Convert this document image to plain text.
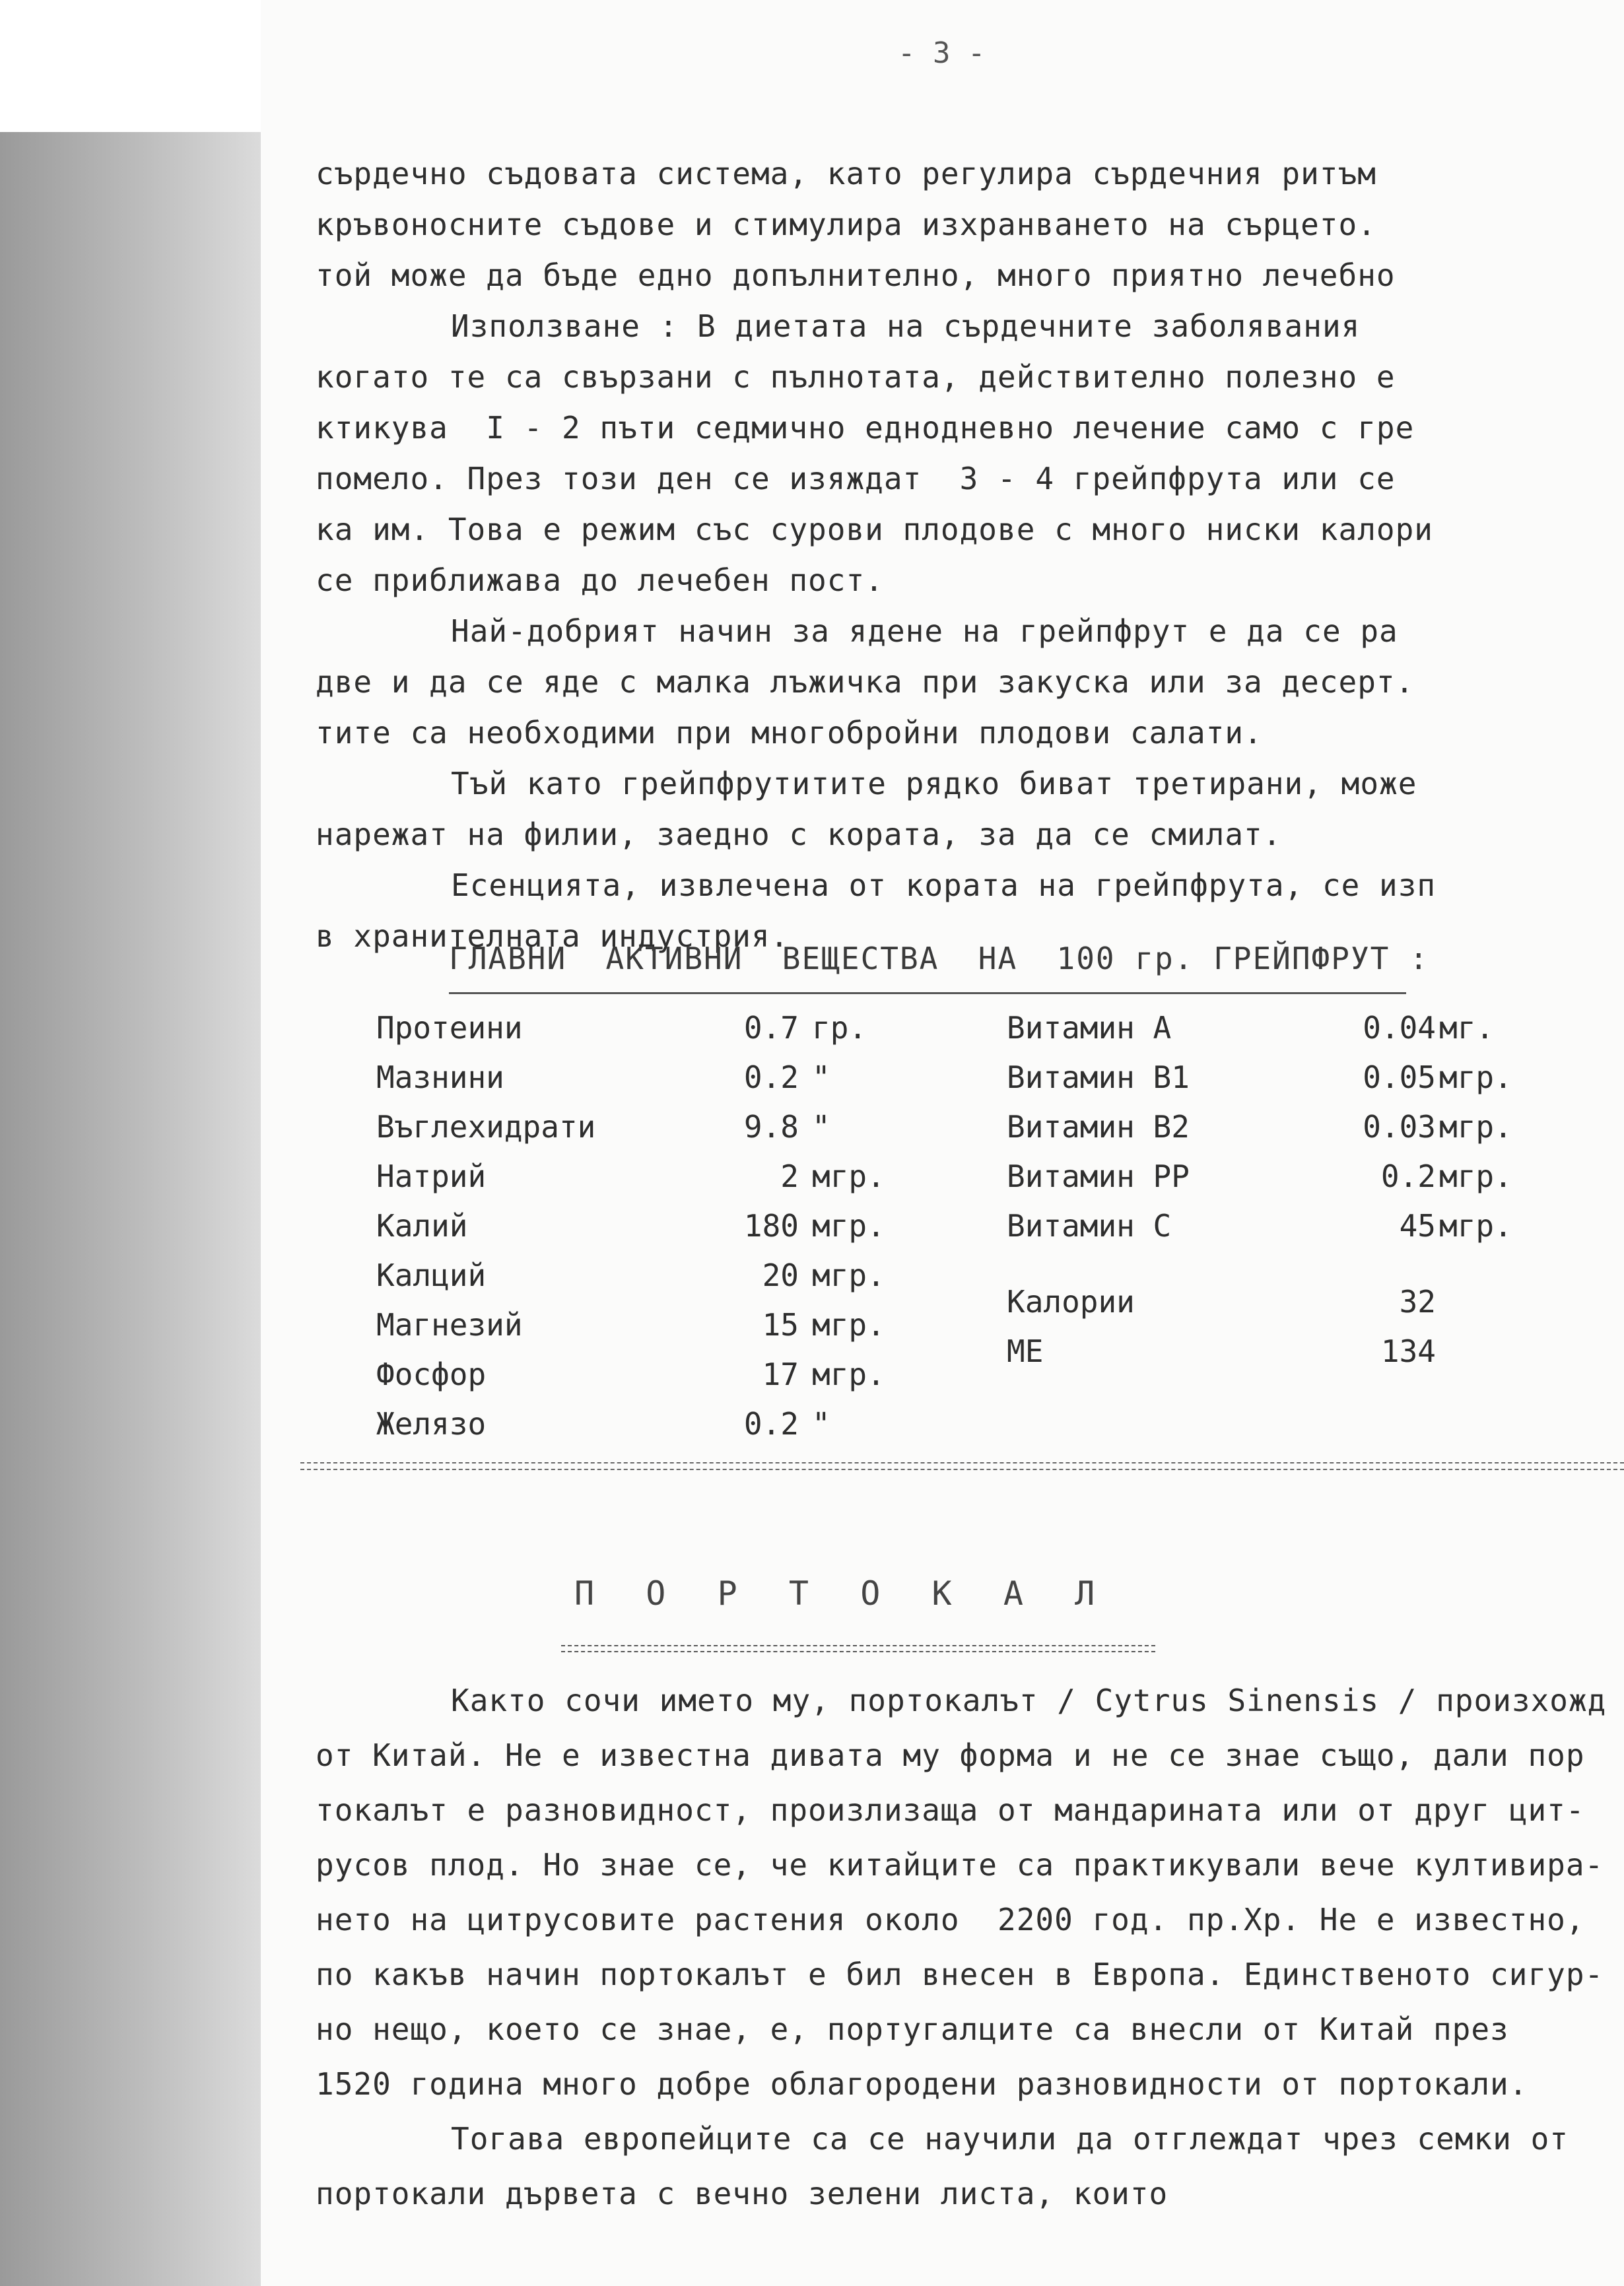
- 3 -
сърдечно съдовата система, като регулира сърдечния ритъм
кръвоносните съдове и стимулира изхранването на сърцето.
той може да бъде едно допълнително, много приятно лечебно
Използване : В диетата на сърдечните заболявания
когато те са свързани с пълнотата, действително полезно е
ктикува  I - 2 пъти седмично еднодневно лечение само с гре
помело. През този ден се изяждат  3 - 4 грейпфрута или се
ка им. Това е режим със сурови плодове с много ниски калори
се приближава до лечебен пост.
Най-добрият начин за ядене на грейпфрут е да се ра
две и да се яде с малка лъжичка при закуска или за десерт.
тите са необходими при многобройни плодови салати.
Тъй като грейпфрутитите рядко биват третирани, може
нарежат на филии, заедно с кората, за да се смилат.
Есенцията, извлечена от кората на грейпфрута, се изп
в хранителната индустрия.
ГЛАВНИ  АКТИВНИ  ВЕЩЕСТВА  НА  100 гр. ГРЕЙПФРУТ :
Протеини	0.7 гр.
Мазнини	0.2 "
Въглехидрати	9.8 "
Натрий	2 мгр.
Калий	180 мгр.
Калций	20 мгр.
Магнезий	15 мгр.
Фосфор	17 мгр.
Желязо	0.2 "
Витамин A	0.04 мг.
Витамин B1	0.05 мгр.
Витамин B2	0.03 мгр.
Витамин PP	0.2 мгр.
Витамин C	45 мгр.
Калории	32
МЕ	134
П  О  Р  Т  О  К  А  Л
Както сочи името му, портокалът / Cytrus Sinensis / произхожд
от Китай. Не е известна дивата му форма и не се знае също, дали пор
токалът е разновидност, произлизаща от мандарината или от друг цит-
русов плод. Но знае се, че китайците са практикували вече култивира-
нето на цитрусовите растения около  2200 год. пр.Хр. Не е известно,
по какъв начин портокалът е бил внесен в Европа. Единственото сигур-
но нещо, което се знае, е, португалците са внесли от Китай през
1520 година много добре облагородени разновидности от портокали.
Тогава европейците са се научили да отглеждат чрез семки от
портокали дървета с вечно зелени листа, които
